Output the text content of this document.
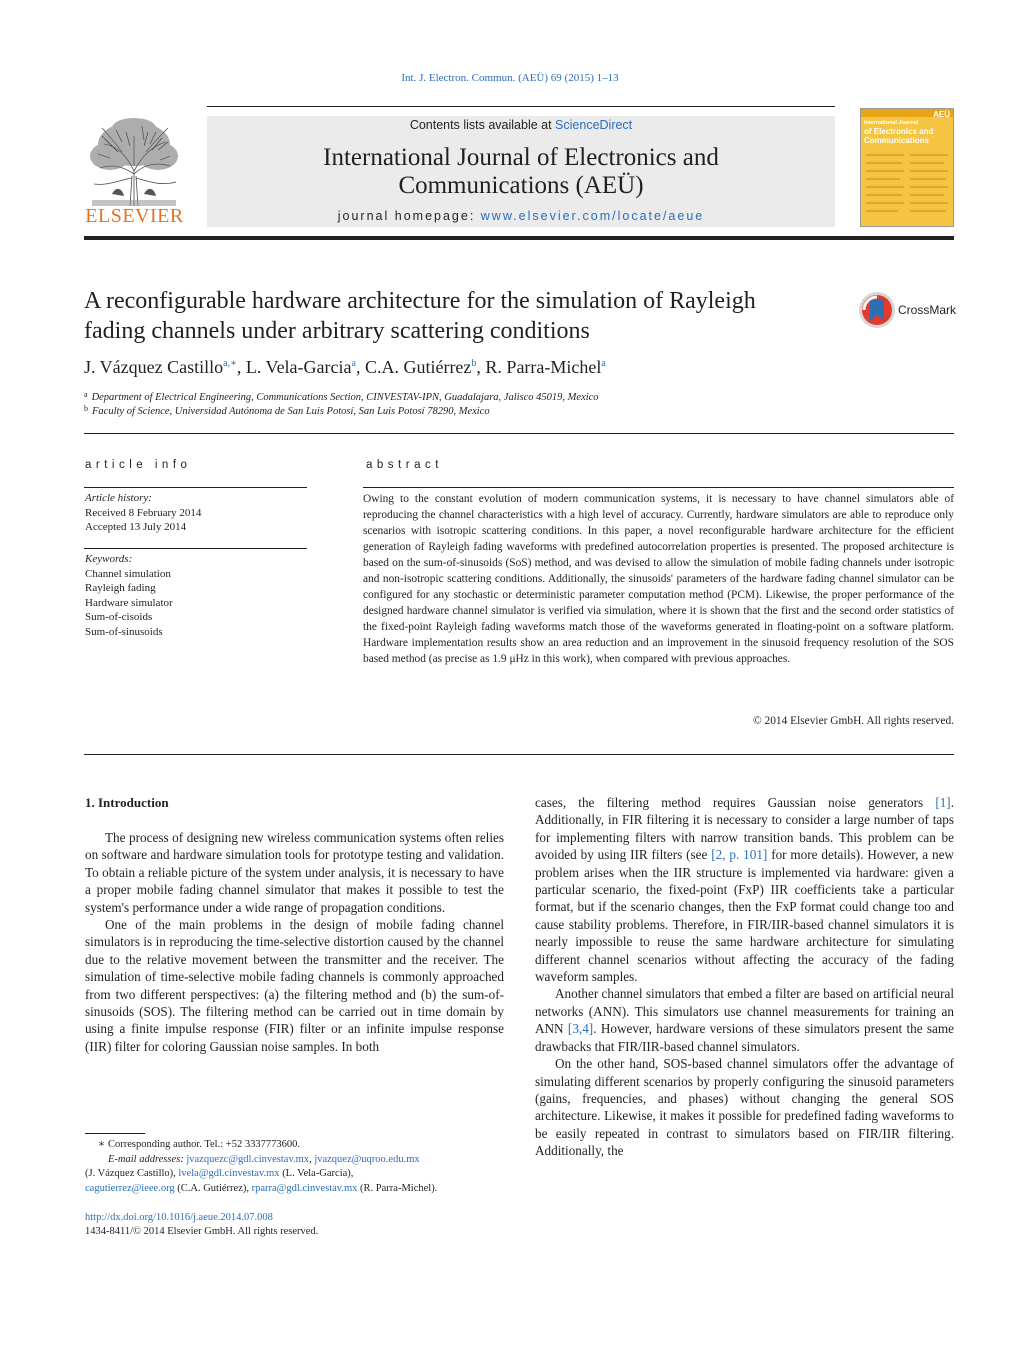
Int. J. Electron. Commun. (AEÜ) 69 (2015) 1–13
ELSEVIER
Contents lists available at ScienceDirect
International Journal of Electronics and
Communications (AEÜ)
journal homepage: www.elsevier.com/locate/aeue
AEÜ
International Journal
of Electronics and
Communications
A reconfigurable hardware architecture for the simulation of Rayleigh
fading channels under arbitrary scattering conditions
CrossMark
J. Vázquez Castillo$^{a,∗}$, L. Vela-Garcia$^a$, C.A. Gutiérrez$^b$, R. Parra-Michel$^a$
$^a$ Department of Electrical Engineering, Communications Section, CINVESTAV-IPN, Guadalajara, Jalisco 45019, Mexico
$^b$ Faculty of Science, Universidad Autónoma de San Luis Potosí, San Luis Potosí 78290, Mexico
article info
Article history:
Received 8 February 2014
Accepted 13 July 2014
Keywords:
Channel simulation
Rayleigh fading
Hardware simulator
Sum-of-cisoids
Sum-of-sinusoids
abstract
Owing to the constant evolution of modern communication systems, it is necessary to have channel simulators able of reproducing the channel characteristics with a high level of accuracy. Currently, hardware simulators are able to reproduce only scenarios with isotropic scattering conditions. In this paper, a novel reconfigurable hardware architecture for the efficient generation of Rayleigh fading waveforms with predefined autocorrelation properties is presented. The proposed architecture is based on the sum-of-sinusoids (SoS) method, and was devised to allow the simulation of mobile fading channels under isotropic and non-isotropic scattering conditions. Additionally, the sinusoids' parameters of the hardware fading channel simulator can be configured for any stochastic or deterministic parameter computation method (PCM). Likewise, the proper performance of the designed hardware channel simulator is verified via simulation, where it is shown that the first and the second order statistics of the fixed-point Rayleigh fading waveforms match those of the waveforms generated in floating-point on a software platform. Hardware implementation results show an area reduction and an improvement in the sinusoid frequency resolution of the SOS based method (as precise as 1.9 μHz in this work), when compared with previous approaches.
© 2014 Elsevier GmbH. All rights reserved.
1. Introduction

The process of designing new wireless communication systems often relies on software and hardware simulation tools for prototype testing and validation. To obtain a reliable picture of the system under analysis, it is necessary to have a proper mobile fading channel simulator that makes it possible to test the system's performance under a wide range of propagation conditions.

One of the main problems in the design of mobile fading channel simulators is in reproducing the time-selective distortion caused by the channel due to the relative movement between the transmitter and the receiver. The simulation of time-selective mobile fading channels is commonly approached from two different perspectives: (a) the filtering method and (b) the sum-of-sinusoids (SOS). The filtering method can be carried out in time domain by using a finite impulse response (FIR) filter or an infinite impulse response (IIR) filter for coloring Gaussian noise samples. In both

cases, the filtering method requires Gaussian noise generators [1]. Additionally, in FIR filtering it is necessary to consider a large number of taps for implementing filters with narrow transition bands. This problem can be avoided by using IIR filters (see [2, p. 101] for more details). However, a new problem arises when the IIR structure is implemented via hardware: given a particular scenario, the fixed-point (FxP) IIR coefficients take a particular format, but if the scenario changes, then the FxP format could change too and cause stability problems. Therefore, in FIR/IIR-based channel simulators it is nearly impossible to reuse the same hardware architecture for simulating different channel scenarios without affecting the accuracy of the fading waveform samples.

Another channel simulators that embed a filter are based on artificial neural networks (ANN). This simulators use channel measurements for training an ANN [3,4]. However, hardware versions of these simulators present the same drawbacks that FIR/IIR-based channel simulators.

On the other hand, SOS-based channel simulators offer the advantage of simulating different scenarios by properly configuring the sinusoid parameters (gains, frequencies, and phases) without changing the general SOS architecture. Likewise, it makes it possible for predefined fading waveforms to be easily repeated in contrast to simulators based on FIR/IIR filtering. Additionally, the

∗ Corresponding author. Tel.: +52 3337773600.
E-mail addresses: jvazquezc@gdl.cinvestav.mx, jvazquez@uqroo.edu.mx
(J. Vázquez Castillo), lvela@gdl.cinvestav.mx (L. Vela-Garcia),
cagutierrez@ieee.org (C.A. Gutiérrez), rparra@gdl.cinvestav.mx (R. Parra-Michel).
http://dx.doi.org/10.1016/j.aeue.2014.07.008
1434-8411/© 2014 Elsevier GmbH. All rights reserved.
